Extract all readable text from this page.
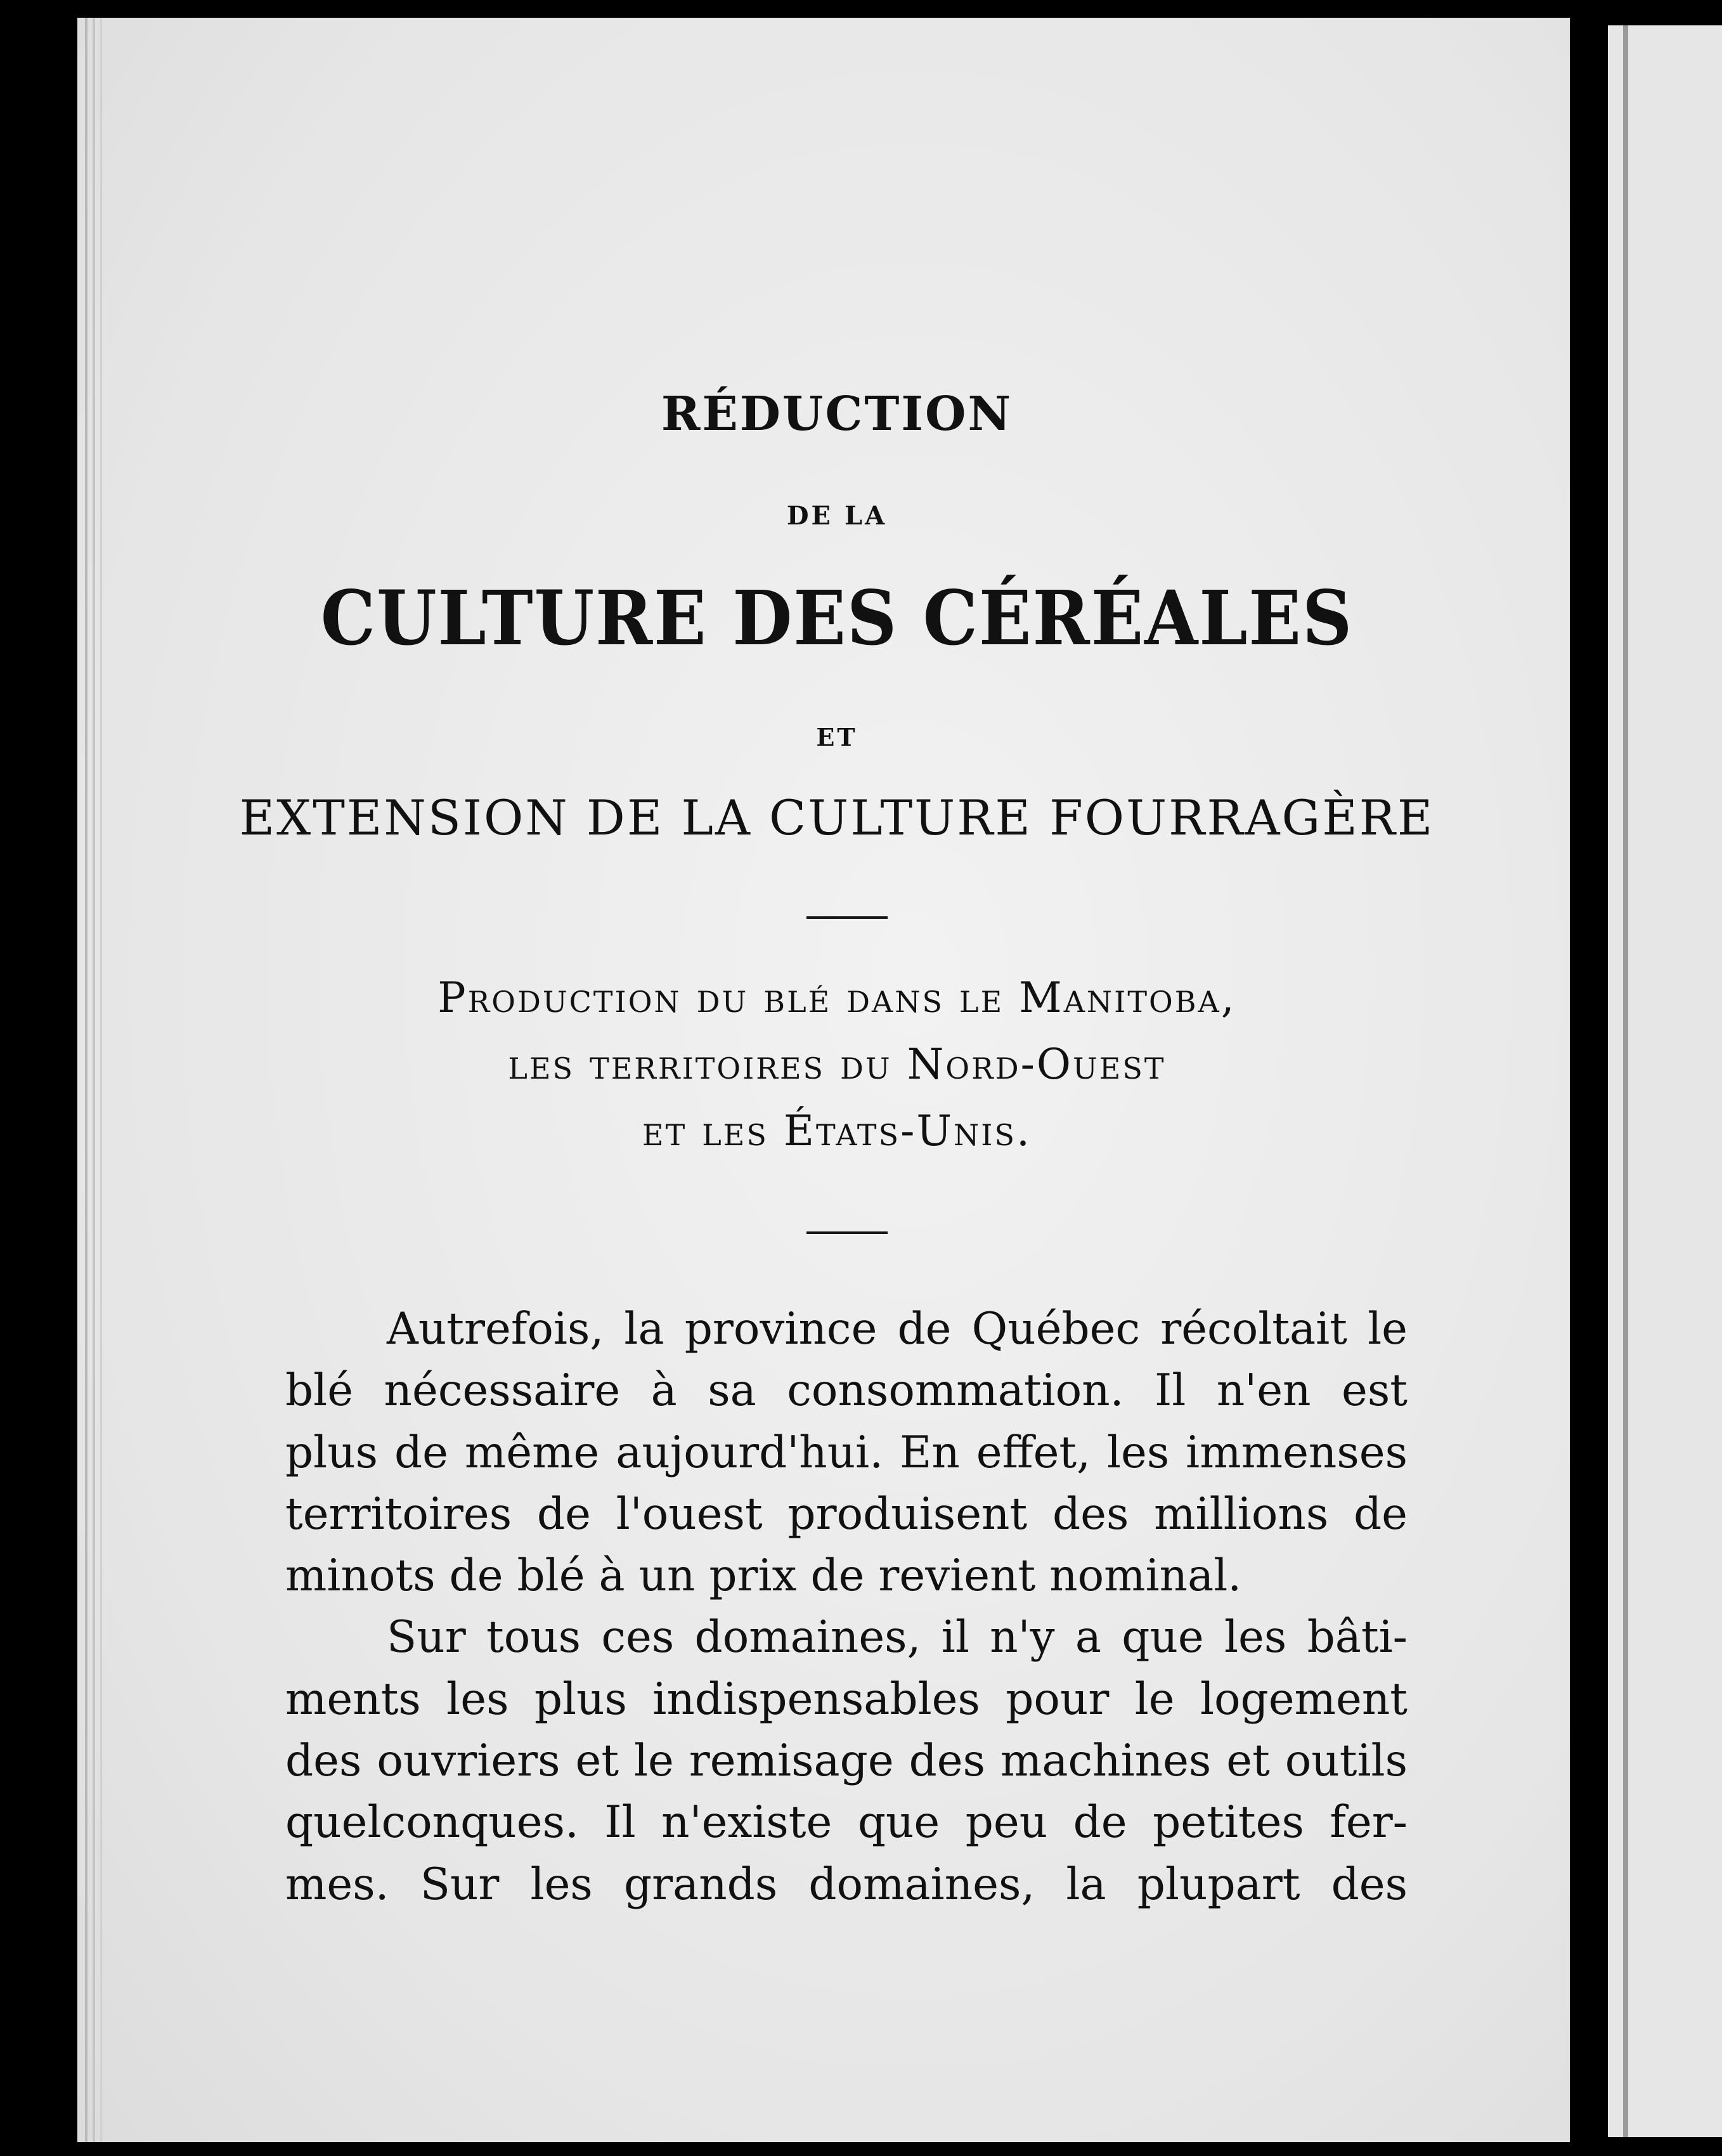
RÉDUCTION
DE LA
CULTURE DES CÉRÉALES
ET
EXTENSION DE LA CULTURE FOURRAGÈRE
Production du blé dans le Manitoba,
les territoires du Nord-Ouest
et les États-Unis.
Autrefois, la province de Québec récoltait le
blé nécessaire à sa consommation. Il n'en est
plus de même aujourd'hui. En effet, les immenses
territoires de l'ouest produisent des millions de
minots de blé à un prix de revient nominal.
Sur tous ces domaines, il n'y a que les bâti-
ments les plus indispensables pour le logement
des ouvriers et le remisage des machines et outils
quelconques. Il n'existe que peu de petites fer-
mes. Sur les grands domaines, la plupart des
